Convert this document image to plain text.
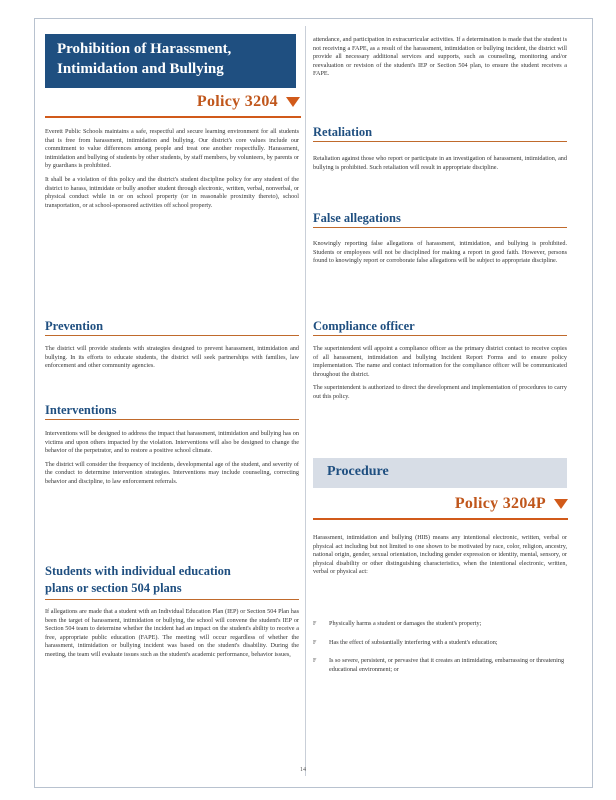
Prohibition of Harassment,
Intimidation and Bullying
Policy 3204

Everett Public Schools maintains a safe, respectful and secure learning environment for all students that is free from harassment, intimidation and bullying. Our district's core values include our commitment to value differences among people and treat one another respectfully. Harassment, intimidation and bullying of students by other students, by staff members, by volunteers, by parents or by guardians is prohibited.

It shall be a violation of this policy and the district's student discipline policy for any student of the district to harass, intimidate or bully another student through electronic, written, verbal, nonverbal, or physical conduct while in or on school property (or in reasonable proximity thereto), school transportation, or at school-sponsored activities off school property.

Prevention

The district will provide students with strategies designed to prevent harassment, intimidation and bullying. In its efforts to educate students, the district will seek partnerships with families, law enforcement and other community agencies.

Interventions

Interventions will be designed to address the impact that harassment, intimidation and bullying has on victims and upon others impacted by the violation. Interventions will also be designed to change the behavior of the perpetrator, and to restore a positive school climate.

The district will consider the frequency of incidents, developmental age of the student, and severity of the conduct to determine intervention strategies. Interventions may include counseling, correcting behavior and discipline, to law enforcement referrals.

Students with individual education
plans or section 504 plans

If allegations are made that a student with an Individual Education Plan (IEP) or Section 504 Plan has been the target of harassment, intimidation or bullying, the school will convene the student's IEP or Section 504 team to determine whether the incident had an impact on the student's ability to receive a free, appropriate public education (FAPE). The meeting will occur regardless of whether the harassment, intimidation or bullying incident was based on the student's disability. During the meeting, the team will evaluate issues such as the student's academic performance, behavior issues,

attendance, and participation in extracurricular activities. If a determination is made that the student is not receiving a FAPE, as a result of the harassment, intimidation or bullying incident, the district will provide all necessary additional services and supports, such as counseling, monitoring and/or reevaluation or revision of the student's IEP or Section 504 plan, to ensure the student receives a FAPE.

Retaliation

Retaliation against those who report or participate in an investigation of harassment, intimidation, and bullying is prohibited. Such retaliation will result in appropriate discipline.

False allegations

Knowingly reporting false allegations of harassment, intimidation, and bullying is prohibited. Students or employees will not be disciplined for making a report in good faith. However, persons found to knowingly report or corroborate false allegations will be subject to appropriate discipline.

Compliance officer

The superintendent will appoint a compliance officer as the primary district contact to receive copies of all harassment, intimidation and bullying Incident Report Forms and to ensure policy implementation. The name and contact information for the compliance officer will be communicated throughout the district.

The superintendent is authorized to direct the development and implementation of procedures to carry out this policy.

Procedure
Policy 3204P

Harassment, intimidation and bullying (HIB) means any intentional electronic, written, verbal or physical act including but not limited to one shown to be motivated by race, color, religion, ancestry, national origin, gender, sexual orientation, including gender expression or identity, mental, sensory, or physical disability or other distinguishing characteristics, when the intentional electronic, written, verbal or physical act:

F	Physically harms a student or damages the student's property;
F	Has the effect of substantially interfering with a student's education;
F	Is so severe, persistent, or pervasive that it creates an intimidating, embarrassing or threatening educational environment; or
14
